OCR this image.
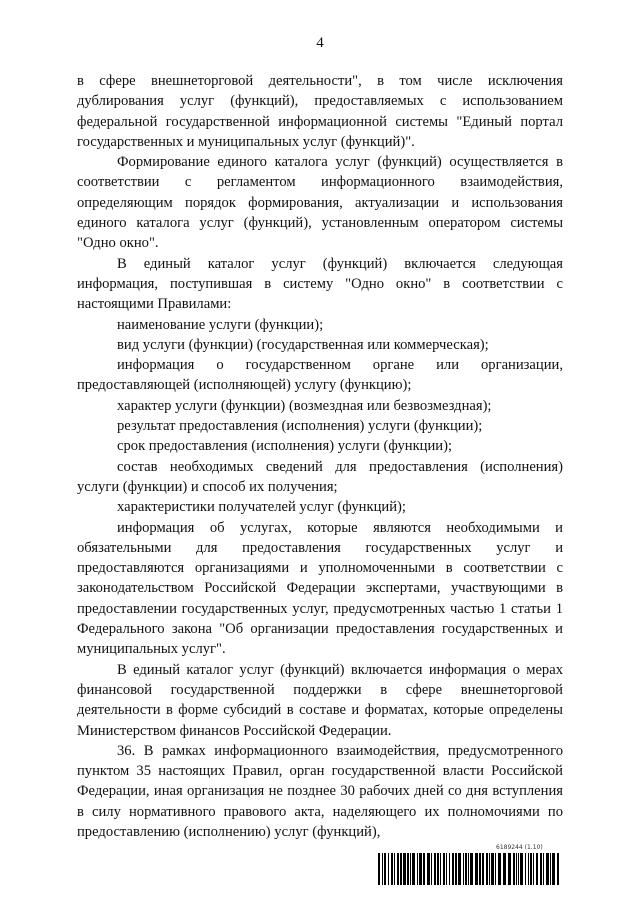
4

в сфере внешнеторговой деятельности", в том числе исключения дублирования услуг (функций), предоставляемых с использованием федеральной государственной информационной системы "Единый портал государственных и муниципальных услуг (функций)".

Формирование единого каталога услуг (функций) осуществляется в соответствии с регламентом информационного взаимодействия, определяющим порядок формирования, актуализации и использования единого каталога услуг (функций), установленным оператором системы "Одно окно".

В единый каталог услуг (функций) включается следующая информация, поступившая в систему "Одно окно" в соответствии с настоящими Правилами:

наименование услуги (функции);

вид услуги (функции) (государственная или коммерческая);

информация о государственном органе или организации, предоставляющей (исполняющей) услугу (функцию);

характер услуги (функции) (возмездная или безвозмездная);

результат предоставления (исполнения) услуги (функции);

срок предоставления (исполнения) услуги (функции);

состав необходимых сведений для предоставления (исполнения) услуги (функции) и способ их получения;

характеристики получателей услуг (функций);

информация об услугах, которые являются необходимыми и обязательными для предоставления государственных услуг и предоставляются организациями и уполномоченными в соответствии с законодательством Российской Федерации экспертами, участвующими в предоставлении государственных услуг, предусмотренных частью 1 статьи 1 Федерального закона "Об организации предоставления государственных и муниципальных услуг".

В единый каталог услуг (функций) включается информация о мерах финансовой государственной поддержки в сфере внешнеторговой деятельности в форме субсидий в составе и форматах, которые определены Министерством финансов Российской Федерации.

36. В рамках информационного взаимодействия, предусмотренного пунктом 35 настоящих Правил, орган государственной власти Российской Федерации, иная организация не позднее 30 рабочих дней со дня вступления в силу нормативного правового акта, наделяющего их полномочиями по предоставлению (исполнению) услуг (функций),

6189244 (1.10)
